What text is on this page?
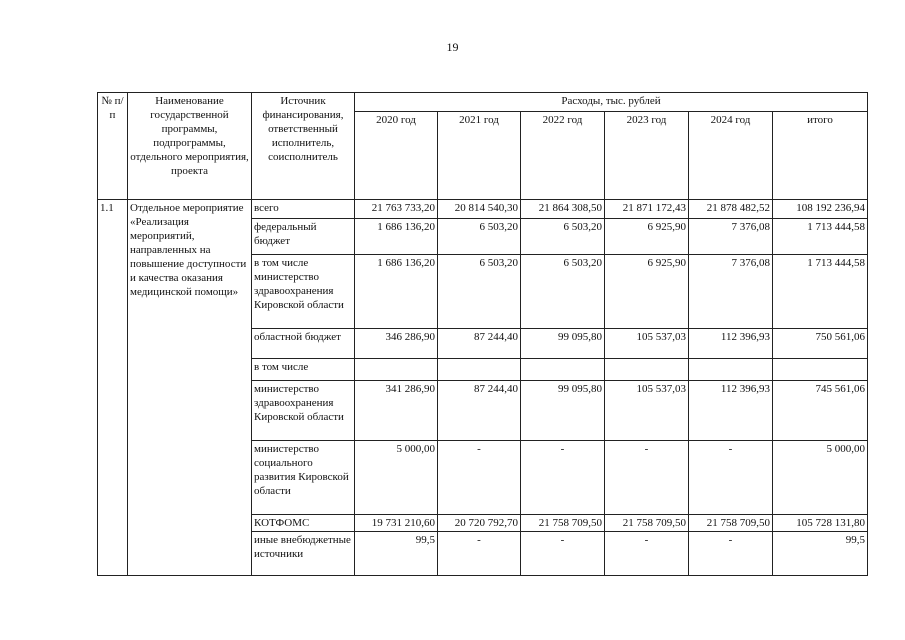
19
№ п/п	Наименование государственной программы, подпрограммы, отдельного мероприятия, проекта	Источник финансирования, ответственный исполнитель, соисполнитель	Расходы, тыс. рублей					
			2020 год	2021 год	2022 год	2023 год	2024 год	итого
1.1	Отдельное мероприятие «Реализация мероприятий, направленных на повышение доступности и качества оказания медицинской помощи»	всего	21 763 733,20	20 814 540,30	21 864 308,50	21 871 172,43	21 878 482,52	108 192 236,94
		федеральный бюджет	1 686 136,20	6 503,20	6 503,20	6 925,90	7 376,08	1 713 444,58
		в том числе министерство здравоохранения Кировской области	1 686 136,20	6 503,20	6 503,20	6 925,90	7 376,08	1 713 444,58
		областной бюджет	346 286,90	87 244,40	99 095,80	105 537,03	112 396,93	750 561,06
		в том числе						
		министерство здравоохранения Кировской области	341 286,90	87 244,40	99 095,80	105 537,03	112 396,93	745 561,06
		министерство социального развития Кировской области	5 000,00	-	-	-	-	5 000,00
		КОТФОМС	19 731 210,60	20 720 792,70	21 758 709,50	21 758 709,50	21 758 709,50	105 728 131,80
		иные внебюджетные источники	99,5	-	-	-	-	99,5
